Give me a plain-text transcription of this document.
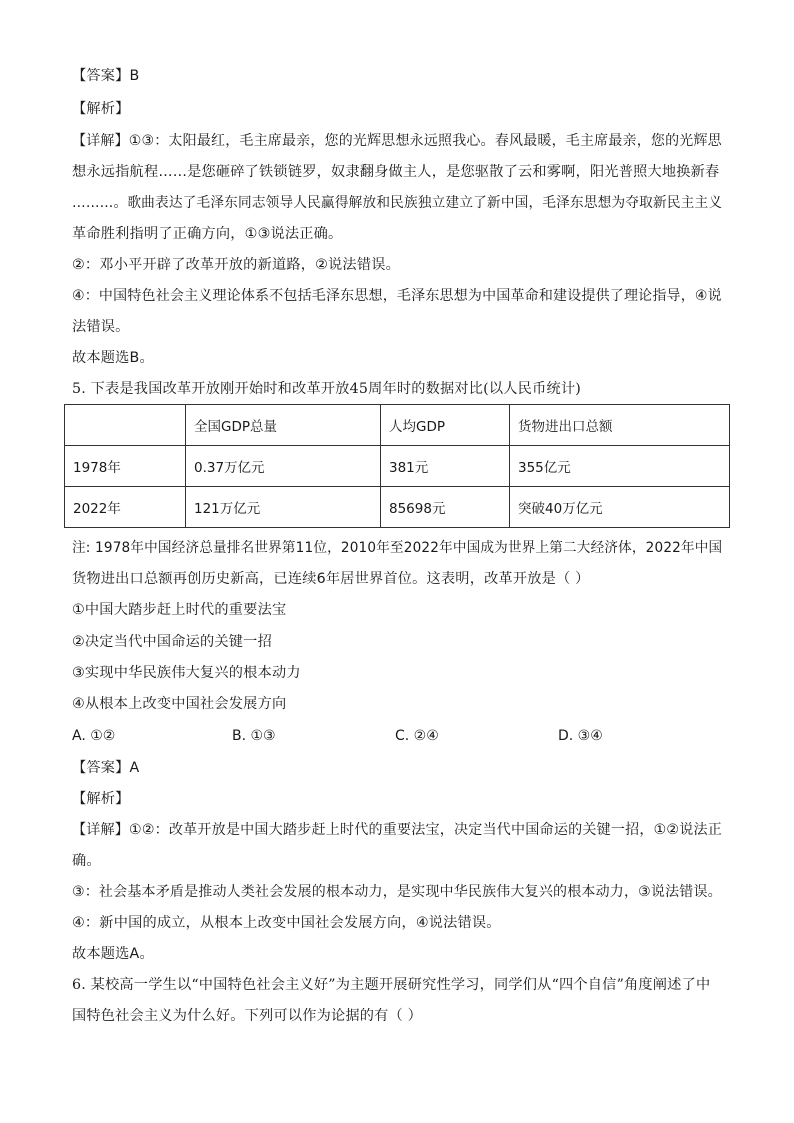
【答案】B
【解析】
【详解】①③：太阳最红，毛主席最亲，您的光辉思想永远照我心。春风最暖，毛主席最亲，您的光辉思
想永远指航程……是您砸碎了铁锁链罗，奴隶翻身做主人，是您驱散了云和雾啊，阳光普照大地换新春
………。歌曲表达了毛泽东同志领导人民赢得解放和民族独立建立了新中国，毛泽东思想为夺取新民主主义
革命胜利指明了正确方向，①③说法正确。
②：邓小平开辟了改革开放的新道路，②说法错误。
④：中国特色社会主义理论体系不包括毛泽东思想，毛泽东思想为中国革命和建设提供了理论指导，④说
法错误。
故本题选B。
5. 下表是我国改革开放刚开始时和改革开放45周年时的数据对比(以人民币统计)
	全国GDP总量	人均GDP	货物进出口总额
1978年	0.37万亿元	381元	355亿元
2022年	121万亿元	85698元	突破40万亿元
注: 1978年中国经济总量排名世界第11位，2010年至2022年中国成为世界上第二大经济体，2022年中国
货物进出口总额再创历史新高，已连续6年居世界首位。这表明，改革开放是（ ）
①中国大踏步赶上时代的重要法宝
②决定当代中国命运的关键一招
③实现中华民族伟大复兴的根本动力
④从根本上改变中国社会发展方向
A. ①②	B. ①③	C. ②④	D. ③④
【答案】A
【解析】
【详解】①②：改革开放是中国大踏步赶上时代的重要法宝，决定当代中国命运的关键一招，①②说法正
确。
③：社会基本矛盾是推动人类社会发展的根本动力，是实现中华民族伟大复兴的根本动力，③说法错误。
④：新中国的成立，从根本上改变中国社会发展方向，④说法错误。
故本题选A。
6. 某校高一学生以“中国特色社会主义好”为主题开展研究性学习，同学们从“四个自信”角度阐述了中
国特色社会主义为什么好。下列可以作为论据的有（ ）
